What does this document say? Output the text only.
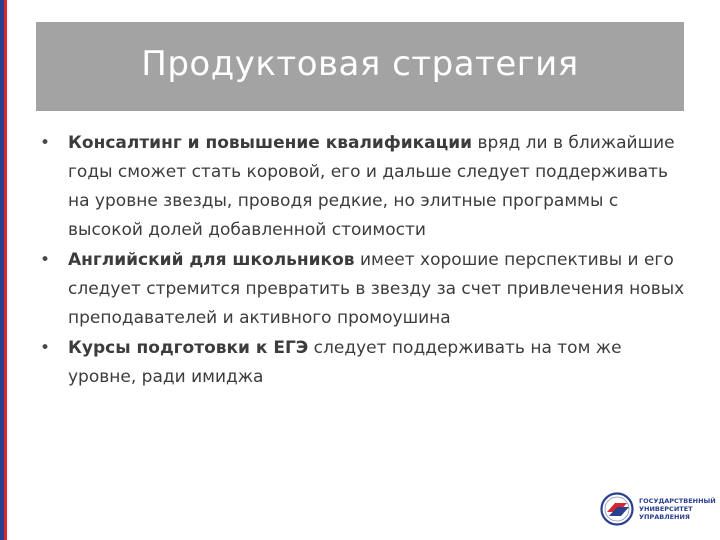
Продуктовая стратегия
• Консалтинг и повышение квалификации вряд ли в ближайшие годы сможет стать коровой, его и дальше следует поддерживать на уровне звезды, проводя редкие, но элитные программы с высокой долей добавленной стоимости
• Английский для школьников имеет хорошие перспективы и его следует стремится превратить в звезду за счет привлечения новых преподавателей и активного промоушина
• Курсы подготовки к ЕГЭ следует поддерживать на том же уровне, ради имиджа
ГОСУДАРСТВЕННЫЙ
УНИВЕРСИТЕТ
УПРАВЛЕНИЯ
